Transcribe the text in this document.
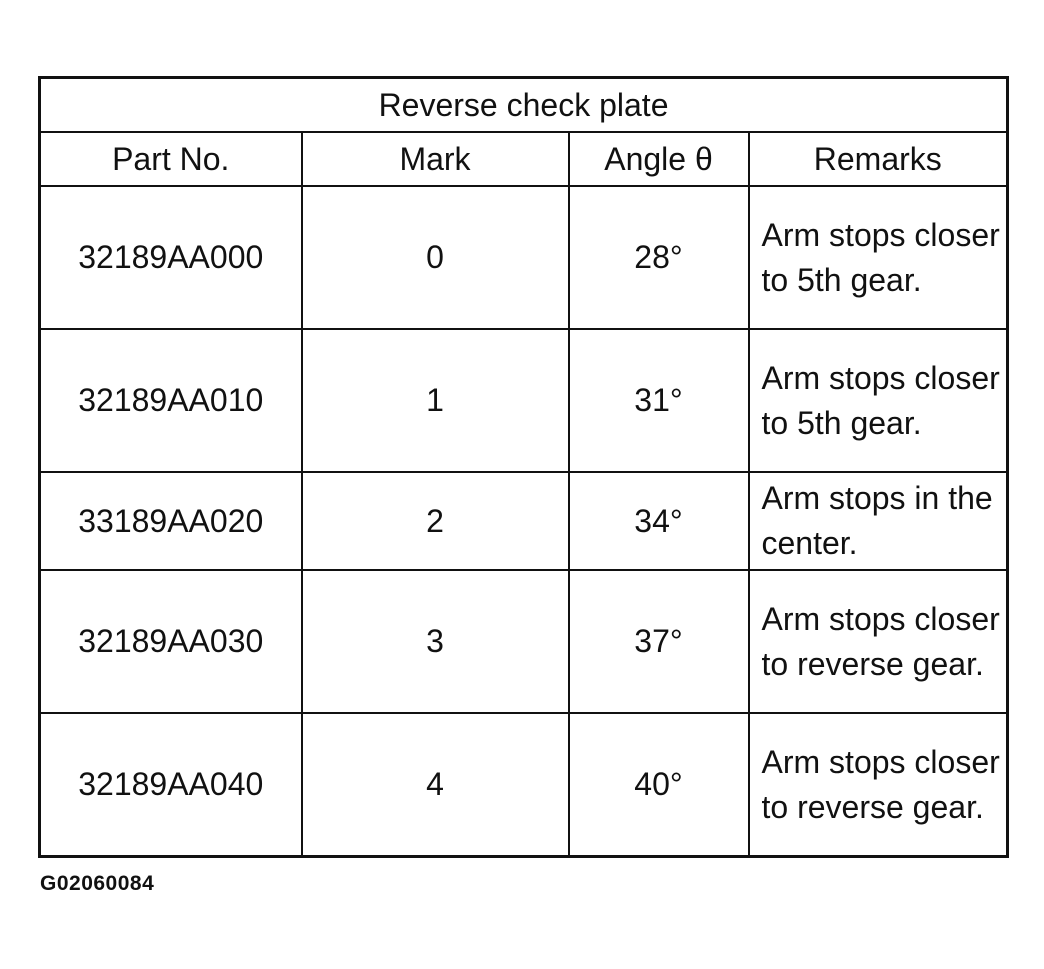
Reverse check plate			
Part No.	Mark	Angle θ	Remarks
32189AA000	0	28°	Arm stops closer to 5th gear.
32189AA010	1	31°	Arm stops closer to 5th gear.
33189AA020	2	34°	Arm stops in the center.
32189AA030	3	37°	Arm stops closer to reverse gear.
32189AA040	4	40°	Arm stops closer to reverse gear.
G02060084
